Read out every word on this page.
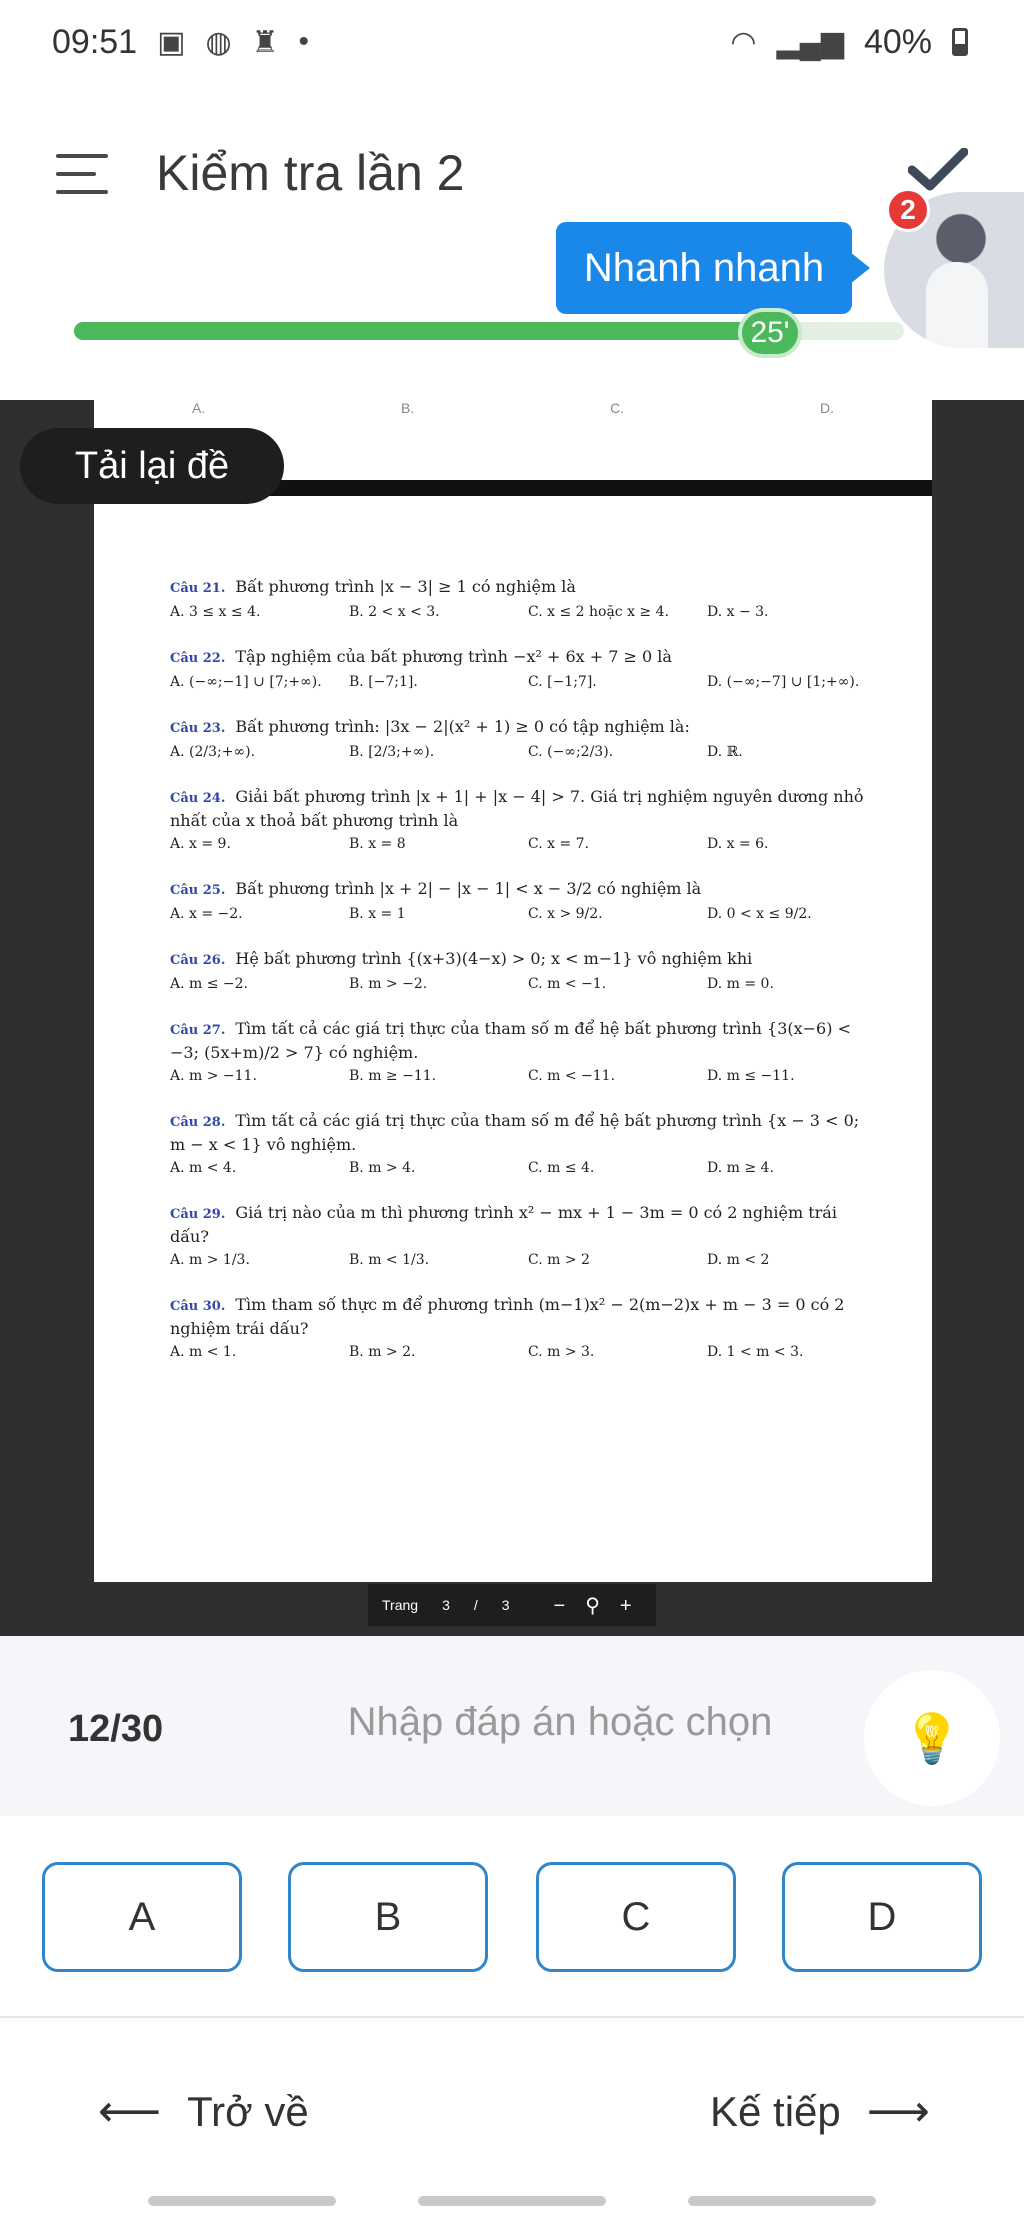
09:51 ▣ ◍ ♜ •	◠ ▂▄▆ 40%
Kiểm tra lần 2
Nhanh nhanh
2
25'
A.	B.	C.	D.
Câu 21. Bất phương trình |x − 3| ≥ 1 có nghiệm là
A. 3 ≤ x ≤ 4.	B. 2 < x < 3.	C. x ≤ 2 hoặc x ≥ 4.	D. x − 3.
Câu 22. Tập nghiệm của bất phương trình −x² + 6x + 7 ≥ 0 là
A. (−∞;−1] ∪ [7;+∞).	B. [−7;1].	C. [−1;7].	D. (−∞;−7] ∪ [1;+∞).
Câu 23. Bất phương trình: |3x − 2|(x² + 1) ≥ 0 có tập nghiệm là:
A. (2/3;+∞).	B. [2/3;+∞).	C. (−∞;2/3).	D. ℝ.
Câu 24. Giải bất phương trình |x + 1| + |x − 4| > 7. Giá trị nghiệm nguyên dương nhỏ nhất của x thoả bất phương trình là
A. x = 9.	B. x = 8	C. x = 7.	D. x = 6.
Câu 25. Bất phương trình |x + 2| − |x − 1| < x − 3/2 có nghiệm là
A. x = −2.	B. x = 1	C. x > 9/2.	D. 0 < x ≤ 9/2.
Câu 26. Hệ bất phương trình {(x+3)(4−x) > 0; x < m−1} vô nghiệm khi
A. m ≤ −2.	B. m > −2.	C. m < −1.	D. m = 0.
Câu 27. Tìm tất cả các giá trị thực của tham số m để hệ bất phương trình {3(x−6) < −3; (5x+m)/2 > 7} có nghiệm.
A. m > −11.	B. m ≥ −11.	C. m < −11.	D. m ≤ −11.
Câu 28. Tìm tất cả các giá trị thực của tham số m để hệ bất phương trình {x − 3 < 0; m − x < 1} vô nghiệm.
A. m < 4.	B. m > 4.	C. m ≤ 4.	D. m ≥ 4.
Câu 29. Giá trị nào của m thì phương trình x² − mx + 1 − 3m = 0 có 2 nghiệm trái dấu?
A. m > 1/3.	B. m < 1/3.	C. m > 2	D. m < 2
Câu 30. Tìm tham số thực m để phương trình (m−1)x² − 2(m−2)x + m − 3 = 0 có 2 nghiệm trái dấu?
A. m < 1.	B. m > 2.	C. m > 3.	D. 1 < m < 3.
Tải lại đề
Trang 3 / 3 −⚲+
12/30
Nhập đáp án hoặc chọn	💡
A	B	C	D
⟵ Trở về	Kế tiếp ⟶
